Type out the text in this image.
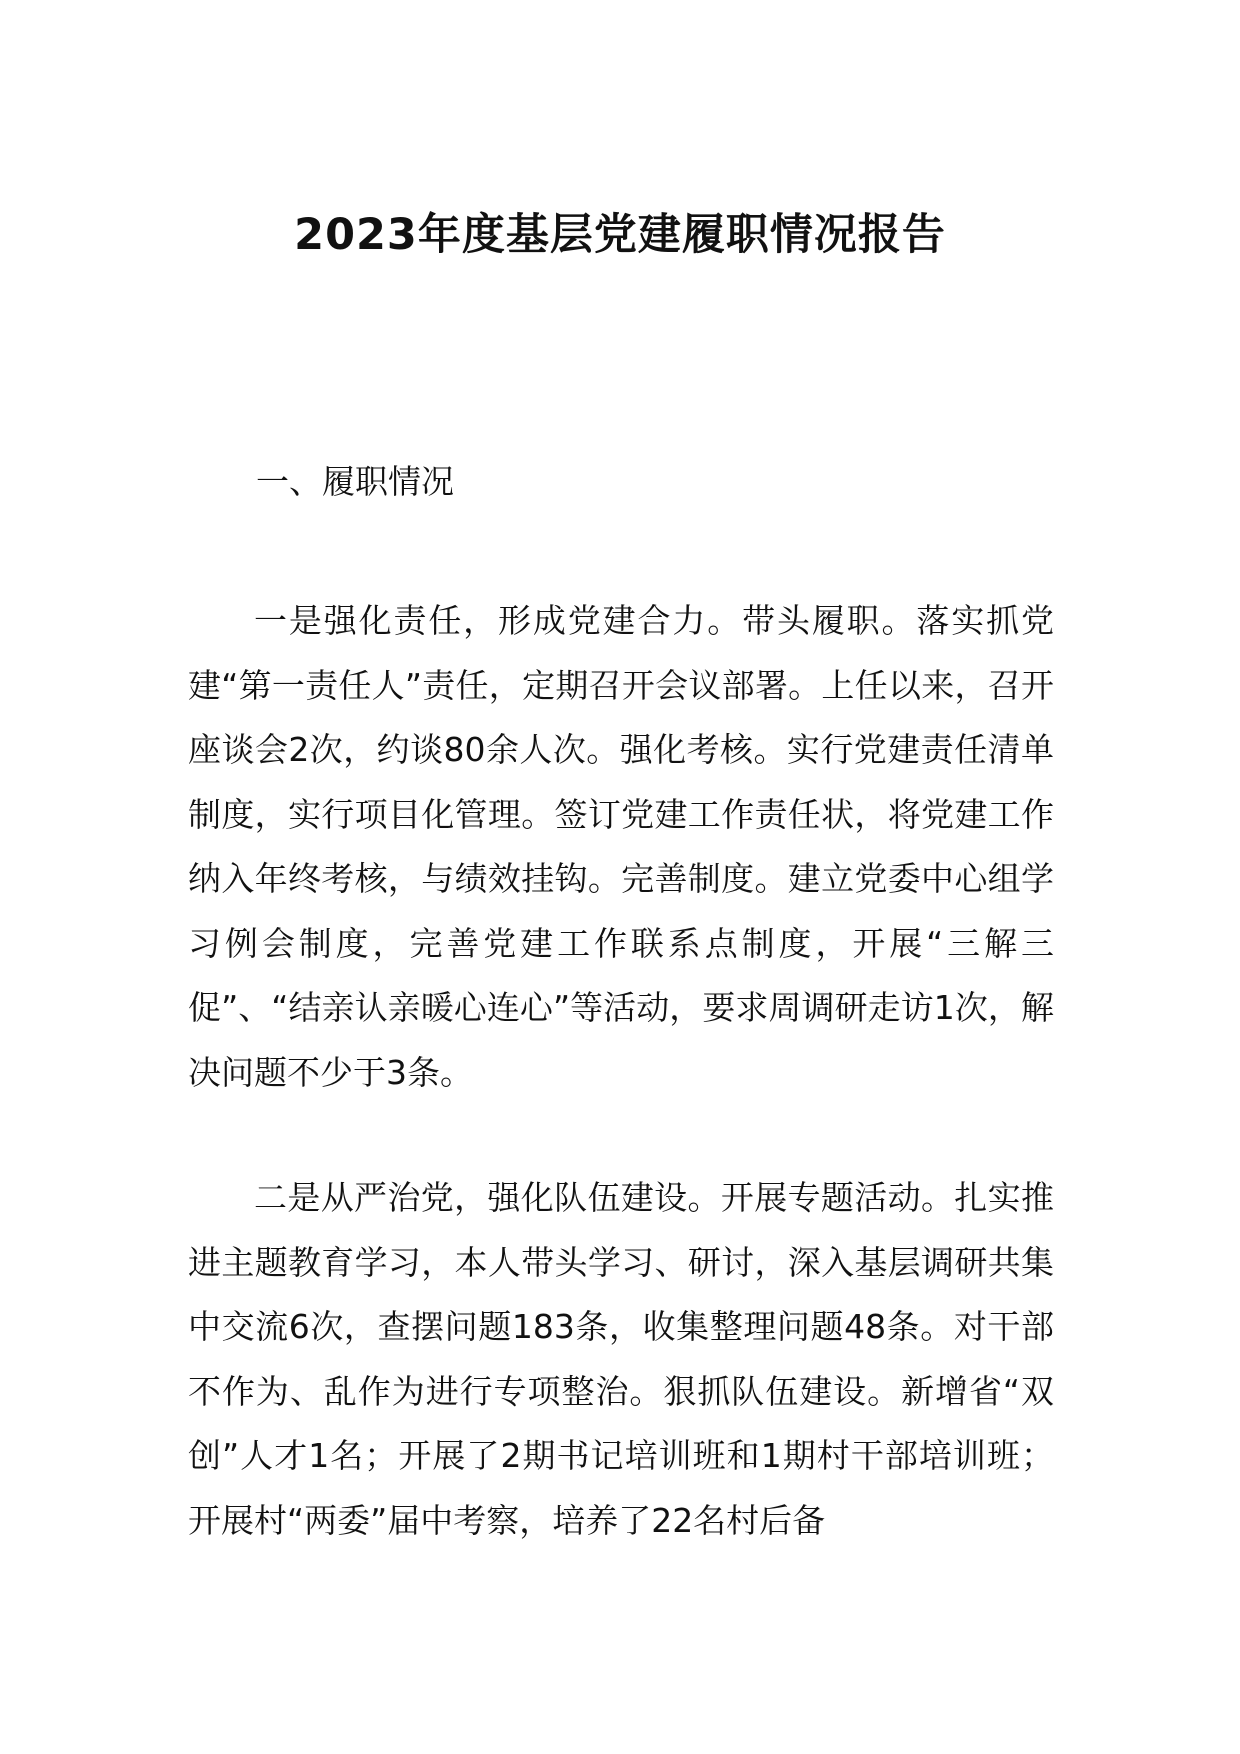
2023年度基层党建履职情况报告

一、履职情况

一是强化责任，形成党建合力。带头履职。落实抓党建“第一责任人”责任，定期召开会议部署。上任以来，召开座谈会2次，约谈80余人次。强化考核。实行党建责任清单制度，实行项目化管理。签订党建工作责任状，将党建工作纳入年终考核，与绩效挂钩。完善制度。建立党委中心组学习例会制度，完善党建工作联系点制度，开展“三解三促”、“结亲认亲暖心连心”等活动，要求周调研走访1次，解决问题不少于3条。

二是从严治党，强化队伍建设。开展专题活动。扎实推进主题教育学习，本人带头学习、研讨，深入基层调研共集中交流6次，查摆问题183条，收集整理问题48条。对干部不作为、乱作为进行专项整治。狠抓队伍建设。新增省“双创”人才1名；开展了2期书记培训班和1期村干部培训班；开展村“两委”届中考察，培养了22名村后备
